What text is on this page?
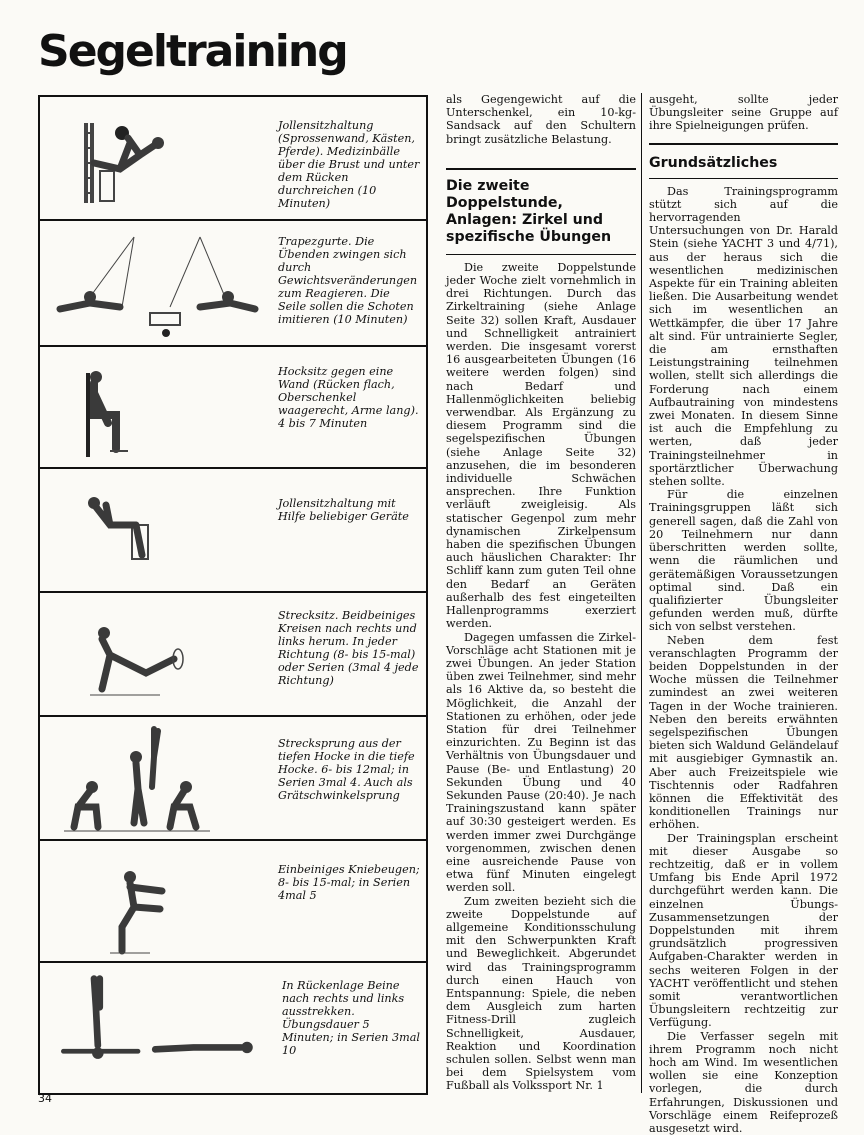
Segeltraining
Jollensitzhaltung (Sprossenwand, Kästen, Pferde). Medizinbälle über die Brust und unter dem Rücken durchreichen (10 Minuten)
Trapezgurte. Die Übenden zwingen sich durch Gewichtsveränderungen zum Reagieren. Die Seile sollen die Schoten imitieren (10 Minuten)
Hocksitz gegen eine Wand (Rücken flach, Oberschenkel waagerecht, Arme lang). 4 bis 7 Minuten
Jollensitzhaltung mit Hilfe beliebiger Geräte
Strecksitz. Beidbeiniges Kreisen nach rechts und links herum. In jeder Richtung (8- bis 15-mal) oder Serien (3mal 4 jede Richtung)
Strecksprung aus der tiefen Hocke in die tiefe Hocke. 6- bis 12mal; in Serien 3mal 4. Auch als Grätschwinkelsprung
Einbeiniges Kniebeugen; 8- bis 15-mal; in Serien 4mal 5
In Rückenlage Beine nach rechts und links ausstrekken. Übungsdauer 5 Minuten; in Serien 3mal 10

als Gegengewicht auf die Unterschenkel, ein 10-kg-Sandsack auf den Schultern bringt zusätzliche Belastung.

Die zweite Doppelstunde, Anlagen: Zirkel und spezifische Übungen

Die zweite Doppelstunde jeder Woche zielt vornehmlich in drei Richtungen. Durch das Zirkeltraining (siehe Anlage Seite 32) sollen Kraft, Ausdauer und Schnelligkeit antrainiert werden. Die insgesamt vorerst 16 ausgearbeiteten Übungen (16 weitere werden folgen) sind nach Bedarf und Hallenmöglichkeiten beliebig verwendbar. Als Ergänzung zu diesem Programm sind die segelspezifischen Übungen (siehe Anlage Seite 32) anzusehen, die im besonderen individuelle Schwächen ansprechen. Ihre Funktion verläuft zweigleisig. Als statischer Gegenpol zum mehr dynamischen Zirkelpensum haben die spezifischen Übungen auch häuslichen Charakter: Ihr Schliff kann zum guten Teil ohne den Bedarf an Geräten außerhalb des fest eingeteilten Hallenprogramms exerziert werden.

Dagegen umfassen die Zirkel-Vorschläge acht Stationen mit je zwei Übungen. An jeder Station üben zwei Teilnehmer, sind mehr als 16 Aktive da, so besteht die Möglichkeit, die Anzahl der Stationen zu erhöhen, oder jede Station für drei Teilnehmer einzurichten. Zu Beginn ist das Verhältnis von Übungsdauer und Pause (Be- und Entlastung) 20 Sekunden Übung und 40 Sekunden Pause (20:40). Je nach Trainingszustand kann später auf 30:30 gesteigert werden. Es werden immer zwei Durchgänge vorgenommen, zwischen denen eine ausreichende Pause von etwa fünf Minuten eingelegt werden soll.

Zum zweiten bezieht sich die zweite Doppelstunde auf allgemeine Konditionsschulung mit den Schwerpunkten Kraft und Beweglichkeit. Abgerundet wird das Trainingsprogramm durch einen Hauch von Entspannung: Spiele, die neben dem Ausgleich zum harten Fitness-Drill zugleich Schnelligkeit, Ausdauer, Reaktion und Koordination schulen sollen. Selbst wenn man bei dem Spielsystem vom Fußball als Volkssport Nr. 1

ausgeht, sollte jeder Übungsleiter seine Gruppe auf ihre Spielneigungen prüfen.

Grundsätzliches

Das Trainingsprogramm stützt sich auf die hervorragenden Untersuchungen von Dr. Harald Stein (siehe YACHT 3 und 4/71), aus der heraus sich die wesentlichen medizinischen Aspekte für ein Training ableiten ließen. Die Ausarbeitung wendet sich im wesentlichen an Wettkämpfer, die über 17 Jahre alt sind. Für untrainierte Segler, die am ernsthaften Leistungstraining teilnehmen wollen, stellt sich allerdings die Forderung nach einem Aufbautraining von mindestens zwei Monaten. In diesem Sinne ist auch die Empfehlung zu werten, daß jeder Trainingsteilnehmer in sportärztlicher Überwachung stehen sollte.

Für die einzelnen Trainingsgruppen läßt sich generell sagen, daß die Zahl von 20 Teilnehmern nur dann überschritten werden sollte, wenn die räumlichen und gerätemäßigen Voraussetzungen optimal sind. Daß ein qualifizierter Übungsleiter gefunden werden muß, dürfte sich von selbst verstehen.

Neben dem fest veranschlagten Programm der beiden Doppelstunden in der Woche müssen die Teilnehmer zumindest an zwei weiteren Tagen in der Woche trainieren. Neben den bereits erwähnten segelspezifischen Übungen bieten sich Waldund Geländelauf mit ausgiebiger Gymnastik an. Aber auch Freizeitspiele wie Tischtennis oder Radfahren können die Effektivität des konditionellen Trainings nur erhöhen.

Der Trainingsplan erscheint mit dieser Ausgabe so rechtzeitig, daß er in vollem Umfang bis Ende April 1972 durchgeführt werden kann. Die einzelnen Übungs-Zusammensetzungen der Doppelstunden mit ihrem grundsätzlich progressiven Aufgaben-Charakter werden in sechs weiteren Folgen in der YACHT veröffentlicht und stehen somit verantwortlichen Übungsleitern rechtzeitig zur Verfügung.

Die Verfasser segeln mit ihrem Programm noch nicht hoch am Wind. Im wesentlichen wollen sie eine Konzeption vorlegen, die durch Erfahrungen, Diskussionen und Vorschläge einem Reifeprozeß ausgesetzt wird.

34
